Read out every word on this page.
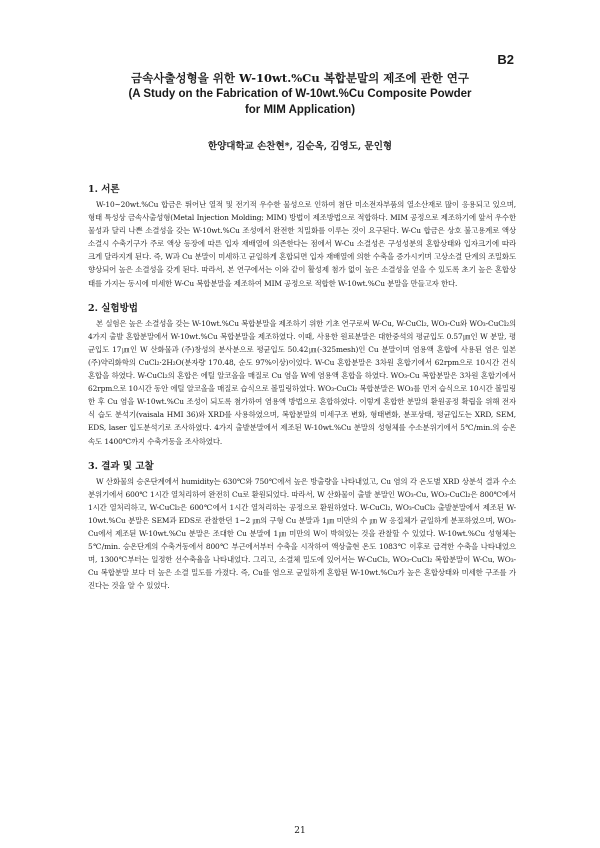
B2
금속사출성형을 위한 W-10wt.%Cu 복합분말의 제조에 관한 연구
(A Study on the Fabrication of W-10wt.%Cu Composite Powder
for MIM Application)
한양대학교 손찬현*, 김순옥, 김영도, 문인형
1. 서론

W-10~20wt.%Cu 합금은 뛰어난 열적 및 전기적 우수한 물성으로 인하여 첨단 미소전자부품의 열소산재로 많이 응용되고 있으며, 형태 특성상 금속사출성형(Metal Injection Molding; MIM) 방법이 제조방법으로 적합하다. MIM 공정으로 제조하기에 앞서 우수한 물성과 달리 나쁜 소결성을 갖는 W-10wt.%Cu 조성에서 완전한 치밀화를 이루는 것이 요구된다. W-Cu 합금은 상호 불고용계로 액상소결시 수축기구가 주로 액상 등장에 따른 입자 재배열에 의존한다는 점에서 W-Cu 소결성은 구성성분의 혼합상태와 입자크기에 따라 크게 달라지게 된다. 즉, W과 Cu 분말이 미세하고 균일하게 혼합되면 입자 재배열에 의한 수축을 증가시키며 고상소결 단계의 조밀화도 향상되어 높은 소결성을 갖게 된다. 따라서, 본 연구에서는 이와 같이 활성제 첨가 없이 높은 소결성을 얻을 수 있도록 초기 높은 혼합상태를 가지는 동시에 미세한 W-Cu 복합분말을 제조하여 MIM 공정으로 적합한 W-10wt.%Cu 분말을 만들고자 한다.

2. 실험방법

본 실험은 높은 소결성을 갖는 W-10wt.%Cu 복합분말을 제조하기 위한 기초 연구로써 W-Cu, W-CuCl₂, WO₃-Cu와 WO₃-CuCl₂의 4가지 출발 혼합분말에서 W-10wt.%Cu 복합분말을 제조하였다. 이때, 사용한 원료분말은 대한중석의 평균입도 0.57㎛인 W 분말, 평균입도 17㎛인 W 산화물과 (주)창성의 분사분으로 평균입도 50.42㎛(-325mesh)인 Cu 분말이며 염용액 혼합에 사용된 염은 일본 (주)약리화학의 CuCl₂·2H₂O(분자량 170.48, 순도 97%이상)이었다. W-Cu 혼합분말은 3차원 혼합기에서 62rpm으로 10시간 건식혼합을 하였다. W-CuCl₂의 혼합은 에틸 알코올을 매질로 Cu 염을 W에 염용액 혼합을 하였다. WO₃-Cu 복합분말은 3차원 혼합기에서 62rpm으로 10시간 동안 에틸 알코올을 매질로 습식으로 볼밀링하였다. WO₃-CuCl₂ 복합분말은 WO₃를 먼저 습식으로 10시간 볼밀링한 후 Cu 염을 W-10wt.%Cu 조성이 되도록 첨가하여 염용액 방법으로 혼합하였다. 이렇게 혼합한 분말의 환원공정 확립을 위해 전자식 습도 분석기(vaisala HMI 36)와 XRD를 사용하였으며, 복합분말의 미세구조 변화, 형태변화, 분포상태, 평균입도는 XRD, SEM, EDS, laser 입도분석기로 조사하였다. 4가지 출발분말에서 제조된 W-10wt.%Cu 분말의 성형체를 수소분위기에서 5℃/min.의 승온속도 1400℃까지 수축거동을 조사하였다.

3. 결과 및 고찰

W 산화물의 승온단계에서 humidity는 630℃와 750℃에서 높은 방출량을 나타내었고, Cu 염의 각 온도별 XRD 상분석 결과 수소분위기에서 600℃ 1시간 열처리하여 완전히 Cu로 환원되었다. 따라서, W 산화물이 출발 분말인 WO₃-Cu, WO₃-CuCl₂은 800℃에서 1시간 열처리하고, W-CuCl₂은 600℃에서 1시간 열처리하는 공정으로 환원하였다. W-CuCl₂, WO₃-CuCl₂ 출발분말에서 제조된 W-10wt.%Cu 분말은 SEM과 EDS로 관찰한던 1~2 ㎛의 구형 Cu 분말과 1㎛ 미만의 수 ㎛ W 응집체가 균일하게 분포하였으며, WO₃-Cu에서 제조된 W-10wt.%Cu 분말은 조대한 Cu 분말에 1㎛ 미만의 W이 박혀있는 것을 관찰할 수 있었다. W-10wt.%Cu 성형체는 5℃/min. 승온단계의 수축거동에서 800℃ 부근에서부터 수축을 시작하여 액상출현 온도 1083℃ 이후로 급격한 수축을 나타내었으며, 1300℃부터는 일정한 선수축율을 나타내었다. 그리고, 소결체 밀도에 있어서는 W-CuCl₂, WO₃-CuCl₂ 복합분말이 W-Cu, WO₃-Cu 복합분말 보다 더 높은 소결 밀도를 가졌다. 즉, Cu를 염으로 균일하게 혼합된 W-10wt.%Cu가 높은 혼합상태와 미세한 구조를 가진다는 것을 알 수 있었다.

21
